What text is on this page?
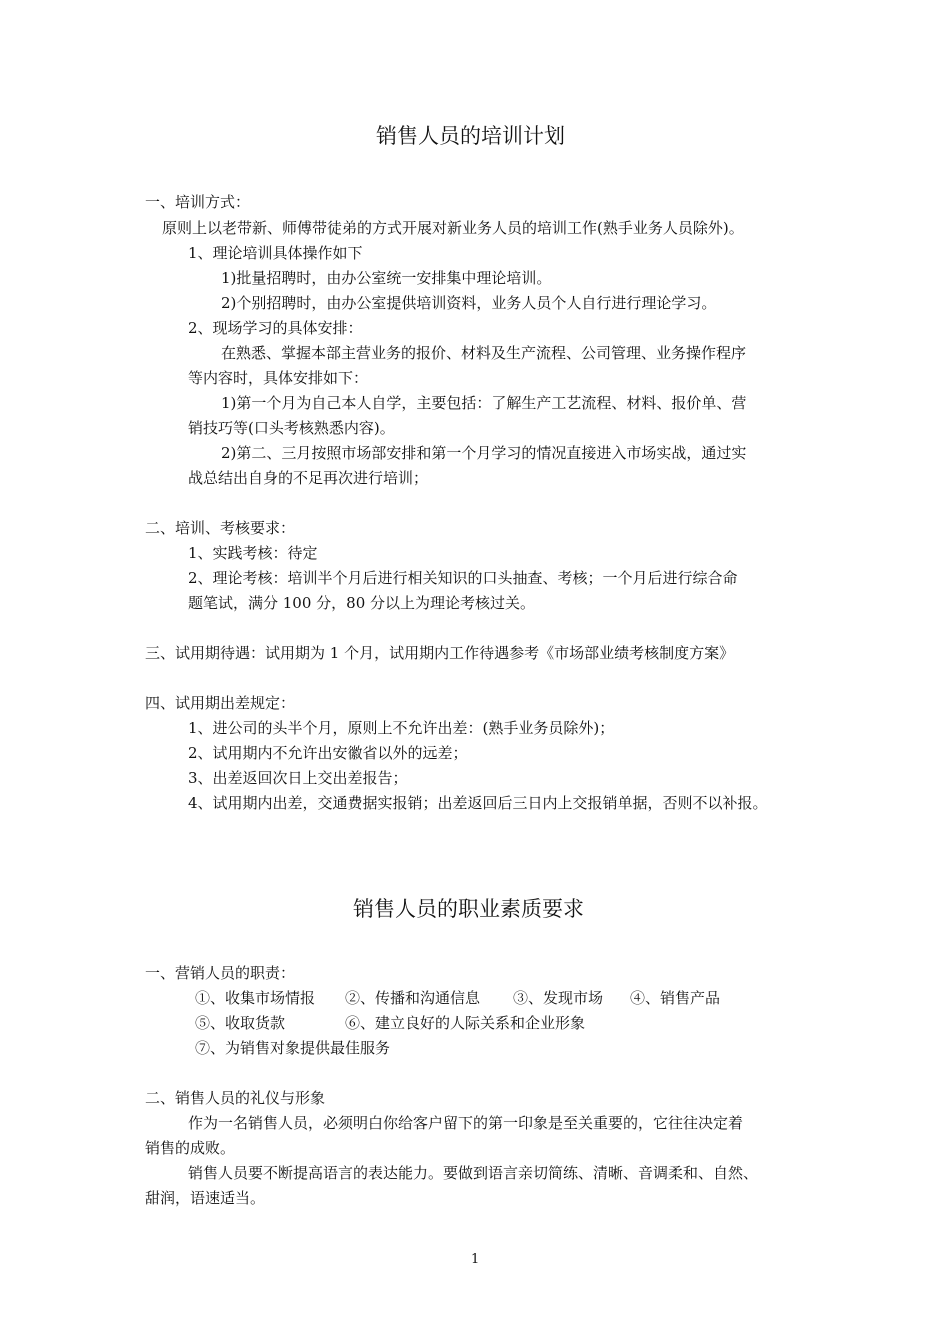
销售人员的培训计划
一、培训方式：
原则上以老带新、师傅带徒弟的方式开展对新业务人员的培训工作(熟手业务人员除外)。
1、理论培训具体操作如下
1)批量招聘时，由办公室统一安排集中理论培训。
2)个别招聘时，由办公室提供培训资料，业务人员个人自行进行理论学习。
2、现场学习的具体安排：
在熟悉、掌握本部主营业务的报价、材料及生产流程、公司管理、业务操作程序
等内容时，具体安排如下：
1)第一个月为自己本人自学，主要包括：了解生产工艺流程、材料、报价单、营
销技巧等(口头考核熟悉内容)。
2)第二、三月按照市场部安排和第一个月学习的情况直接进入市场实战，通过实
战总结出自身的不足再次进行培训；
二、培训、考核要求：
1、实践考核：待定
2、理论考核：培训半个月后进行相关知识的口头抽查、考核；一个月后进行综合命
题笔试，满分 100 分，80 分以上为理论考核过关。
三、试用期待遇：试用期为 1 个月，试用期内工作待遇参考《市场部业绩考核制度方案》
四、试用期出差规定：
1、进公司的头半个月，原则上不允许出差：(熟手业务员除外)；
2、试用期内不允许出安徽省以外的远差；
3、出差返回次日上交出差报告；
4、试用期内出差，交通费据实报销；出差返回后三日内上交报销单据，否则不以补报。
销售人员的职业素质要求
一、营销人员的职责：
①、收集市场情报 ②、传播和沟通信息 ③、发现市场 ④、销售产品
⑤、收取货款	⑥、建立良好的人际关系和企业形象
⑦、为销售对象提供最佳服务
二、销售人员的礼仪与形象
作为一名销售人员，必须明白你给客户留下的第一印象是至关重要的，它往往决定着
销售的成败。
销售人员要不断提高语言的表达能力。要做到语言亲切简练、清晰、音调柔和、自然、
甜润，语速适当。
1
